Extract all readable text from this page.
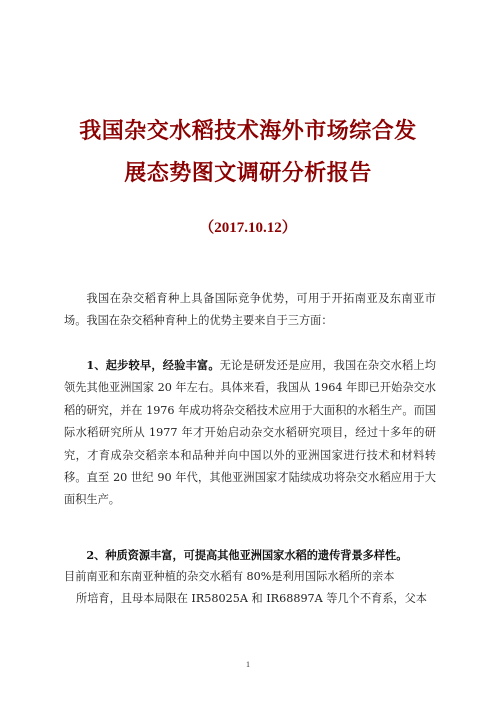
我国杂交水稻技术海外市场综合发
展态势图文调研分析报告
（2017.10.12）
我国在杂交稻育种上具备国际竞争优势，可用于开拓南亚及东南亚市场。我国在杂交稻种育种上的优势主要来自于三方面：
1、起步较早，经验丰富。无论是研发还是应用，我国在杂交水稻上均领先其他亚洲国家 20 年左右。具体来看，我国从 1964 年即已开始杂交水稻的研究，并在 1976 年成功将杂交稻技术应用于大面积的水稻生产。而国际水稻研究所从 1977 年才开始启动杂交水稻研究项目，经过十多年的研究，才育成杂交稻亲本和品种并向中国以外的亚洲国家进行技术和材料转移。直至 20 世纪 90 年代，其他亚洲国家才陆续成功将杂交水稻应用于大面积生产。
2、种质资源丰富，可提高其他亚洲国家水稻的遗传背景多样性。
目前南亚和东南亚种植的杂交水稻有 80%是利用国际水稻所的亲本
所培育，且母本局限在 IR58025A 和 IR68897A 等几个不育系，父本
1
